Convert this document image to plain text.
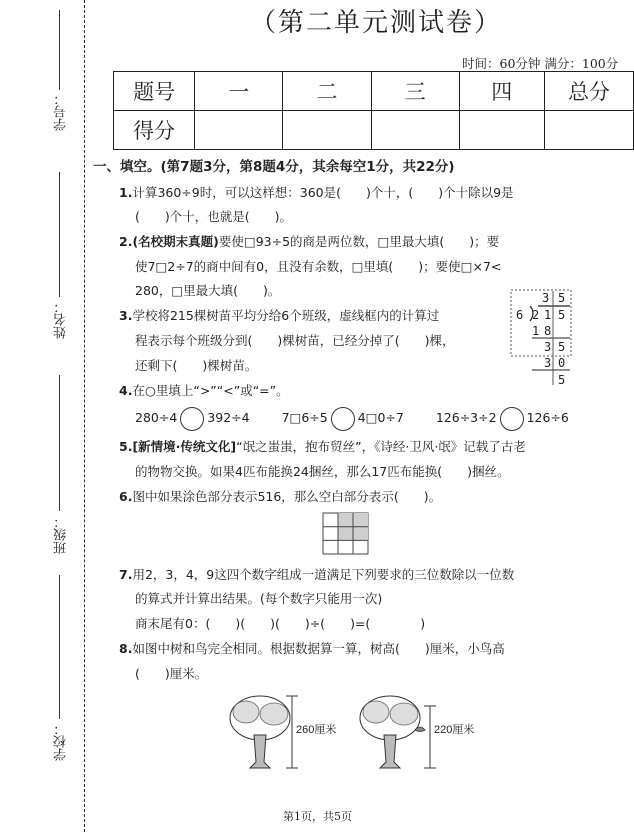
学号：
姓名：
班级：
学校：
（第二单元测试卷）
时间：60分钟 满分：100分
题号	一	二	三	四	总分
得分					
一、填空。(第7题3分，第8题4分，其余每空1分，共22分)
1.计算360÷9时，可以这样想：360是(　　)个十，(　　)个十除以9是
(　　)个十，也就是(　　)。
2.(名校期末真题)要使□93÷5的商是两位数，□里最大填(　　)；要
使7□2÷7的商中间有0，且没有余数，□里填(　　)；要使□×7<
280，□里最大填(　　)。
3.学校将215棵树苗平均分给6个班级，虚线框内的计算过
程表示每个班级分到(　　)棵树苗，已经分掉了(　　)棵，
还剩下(　　)棵树苗。
3 5
6 2 1 5
1 8
3 5
3 0
5
4.在○里填上“>”“<”或“=”。
280÷4 392÷4	7□6÷5 4□0÷7	126÷3÷2 126÷6
5.[新情境·传统文化]“氓之蚩蚩，抱布贸丝”，《诗经·卫风·氓》记载了古老
的物物交换。如果4匹布能换24捆丝，那么17匹布能换(　　)捆丝。
6.图中如果涂色部分表示516，那么空白部分表示(　　)。
7.用2，3，4，9这四个数字组成一道满足下列要求的三位数除以一位数
的算式并计算出结果。(每个数字只能用一次)
商末尾有0：(　　)(　　)(　　)÷(　　)=(　　　　)
8.如图中树和鸟完全相同。根据数据算一算，树高(　　)厘米，小鸟高
(　　)厘米。
260厘米	220厘米
第1页，共5页
